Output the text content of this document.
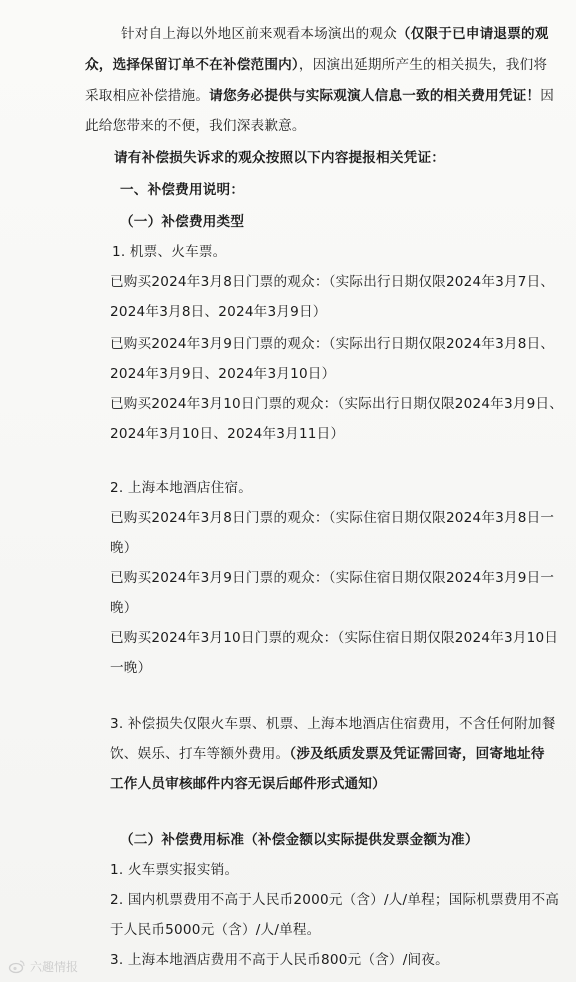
针对自上海以外地区前来观看本场演出的观众（仅限于已申请退票的观
众，选择保留订单不在补偿范围内），因演出延期所产生的相关损失，我们将
采取相应补偿措施。请您务必提供与实际观演人信息一致的相关费用凭证！因
此给您带来的不便，我们深表歉意。
请有补偿损失诉求的观众按照以下内容提报相关凭证：
一、补偿费用说明：
（一）补偿费用类型
1. 机票、火车票。
已购买2024年3月8日门票的观众：（实际出行日期仅限2024年3月7日、
2024年3月8日、2024年3月9日）
已购买2024年3月9日门票的观众：（实际出行日期仅限2024年3月8日、
2024年3月9日、2024年3月10日）
已购买2024年3月10日门票的观众：（实际出行日期仅限2024年3月9日、
2024年3月10日、2024年3月11日）
2. 上海本地酒店住宿。
已购买2024年3月8日门票的观众：（实际住宿日期仅限2024年3月8日一
晚）
已购买2024年3月9日门票的观众：（实际住宿日期仅限2024年3月9日一
晚）
已购买2024年3月10日门票的观众：（实际住宿日期仅限2024年3月10日
一晚）
3. 补偿损失仅限火车票、机票、上海本地酒店住宿费用，不含任何附加餐
饮、娱乐、打车等额外费用。（涉及纸质发票及凭证需回寄，回寄地址待
工作人员审核邮件内容无误后邮件形式通知）
（二）补偿费用标准（补偿金额以实际提供发票金额为准）
1. 火车票实报实销。
2. 国内机票费用不高于人民币2000元（含）/人/单程；国际机票费用不高
于人民币5000元（含）/人/单程。
3. 上海本地酒店费用不高于人民币800元（含）/间夜。
六趣情报
